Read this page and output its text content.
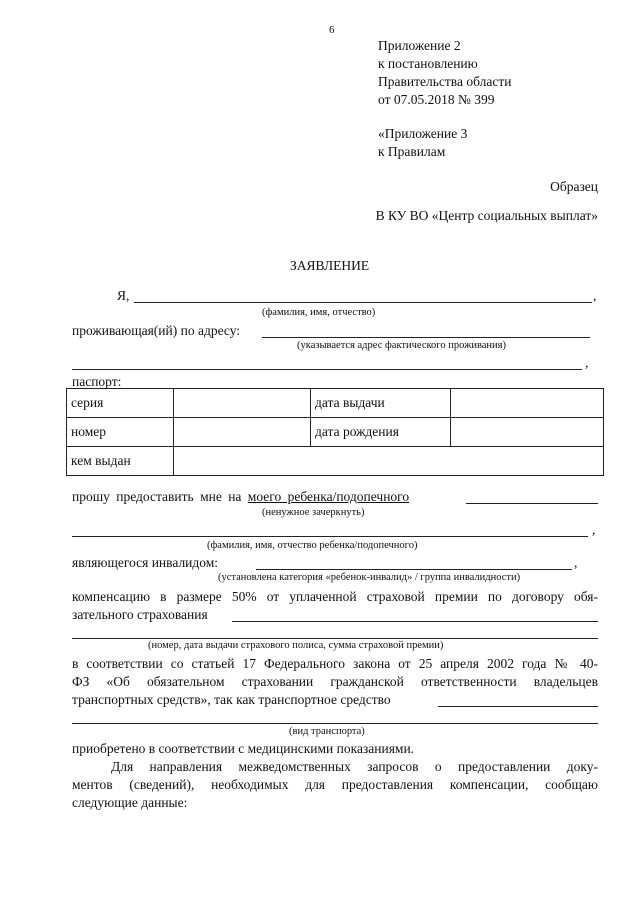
6
Приложение 2
к постановлению
Правительства области
от 07.05.2018 № 399
«Приложение 3
к Правилам
Образец
В КУ ВО «Центр социальных выплат»
ЗАЯВЛЕНИЕ
Я,	,
(фамилия, имя, отчество)
проживающая(ий) по адресу:
(указывается адрес фактического проживания)
,
паспорт:
серия		дата выдачи	
номер		дата рождения	
кем выдан			
прошу предоставить мне на моего ребенка/подопечного
(ненужное зачеркнуть)
,
(фамилия, имя, отчество ребенка/подопечного)
являющегося инвалидом:	,
(установлена категория «ребенок-инвалид» / группа инвалидности)
компенсацию в размере 50% от уплаченной страховой премии по договору обя-
зательного страхования
(номер, дата выдачи страхового полиса, сумма страховой премии)
в соответствии со статьей 17 Федерального закона от 25 апреля 2002 года № 40-
ФЗ «Об обязательном страховании гражданской ответственности владельцев
транспортных средств», так как транспортное средство
(вид транспорта)
приобретено в соответствии с медицинскими показаниями.
Для направления межведомственных запросов о предоставлении доку-
ментов (сведений), необходимых для предоставления компенсации, сообщаю
следующие данные:
